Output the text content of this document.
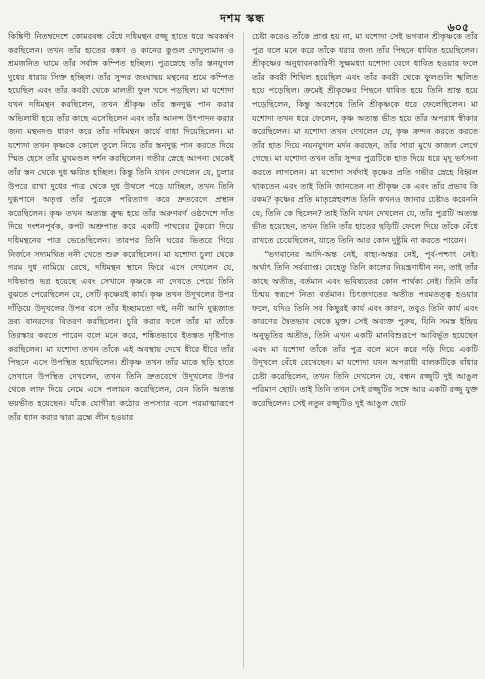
দশম স্কন্ধ
৬০৫

কিঙ্কিণী নিতম্বদেশে কোমরবন্ধ বেঁধে দধিমন্থন রজ্জু হাতে ধরে অবকর্ষণ করছিলেন। তখন তাঁর হাতের কঙ্কণ ও কানের কুণ্ডল দোদুল্যমান ও শ্রমজনিত ঘামে তাঁর সর্বাঙ্গ কম্পিত হচ্ছিল। পুত্রস্নেহে তাঁর স্তনযুগল দুধের ধারায় সিক্ত হচ্ছিল। তাঁর সুন্দর জংঘাদ্বয় মন্থনের শ্রমে কম্পিত হয়েছিল এবং তাঁর কবরী থেকে মালতী ফুল খসে পড়ছিল। মা যশোদা যখন দধিমন্থন করছিলেন, তখন শ্রীকৃষ্ণ তাঁর স্তনদুগ্ধ পান করার অভিলাষী হয়ে তাঁর কাছে এসেছিলেন এবং তাঁর আনন্দ উৎপাদন করার জন্য মন্থনদণ্ড ধারণ করে তাঁর দধিমন্থন কার্যে বাধা দিয়েছিলেন। মা যশোদা তখন কৃষ্ণকে কোলে তুলে নিয়ে তাঁর স্তনদুগ্ধ পান করতে দিয়ে স্মিত হেসে তাঁর মুখমণ্ডল দর্শন করছিলেন। গতীর স্নেহে আপনা থেকেই তাঁর স্তন থেকে দুধ ক্ষরিত হচ্ছিল। কিন্তু তিনি যখন দেখলেন যে, চুলার উপরে রাখা দুধের পাত্র থেকে দুধ উথলে পড়ে যাচ্ছিল, তখন তিনি দুগ্ধপানে অতৃপ্ত তাঁর পুত্রকে পরিত্যাগ করে দ্রুতবেগে প্রস্থান করেছিলেন। কৃষ্ণ তখন অত্যন্ত ক্রুদ্ধ হয়ে তাঁর অরুণবর্ণ ওষ্ঠদেশে দাঁত দিয়ে দংশনপূর্বক, কপট অশ্রুপাত করে একটি পাথরের টুকরো দিয়ে দধিমন্থনের পাত্র ভেঙেছিলেন। তারপর তিনি ঘরের ভিতরে গিয়ে নির্জনে সদ্যমথিত ননী খেতে শুরু করেছিলেন। মা যশোদা চুলা থেকে গরম দুধ নামিয়ে রেখে, দধিমন্থন স্থানে ফিরে এসে দেখলেন যে, দধিভাণ্ড ভগ্ন হয়েছে এবং সেখানে কৃষ্ণকে না দেখতে পেয়ে তিনি বুঝতে পেরেছিলেন যে, সেটি কৃষ্ণেরই কার্য। কৃষ্ণ তখন উদূখলের উপর দাঁড়িয়ে উদূখলের উপর বসে তাঁর ইচ্ছামতো দই, ননী আদি দুগ্ধজাত দ্রব্য বানরদের বিতরণ করছিলেন। চুরি করার ফলে তাঁর মা তাঁকে তিরস্কার করতে পারেন বলে মনে করে, শঙ্কিতভাবে ইতস্তত দৃষ্টিপাত করছিলেন। মা যশোদা তখন তাঁকে এই অবস্থায় দেখে ধীরে ধীরে তাঁর পিছনে এসে উপস্থিত হয়েছিলেন। শ্রীকৃষ্ণ তখন তাঁর মাকে ছড়ি হাতে সেখানে উপস্থিত দেখলেন, তখন তিনি দ্রুতবেগে উদূখলের উপর থেকে লাফ দিয়ে নেমে এসে পলায়ন করেছিলেন, যেন তিনি অত্যন্ত ভয়ভীত হয়েছেন। যাঁকে যোগীরা কঠোর তপস্যার বলে পরমাত্মারূপে তাঁর ধ্যান করার দ্বারা ব্রহ্মে লীন হওয়ার

চেষ্টা করেও তাঁকে প্রাপ্ত হয় না, মা যশোদা সেই ভগবান শ্রীকৃষ্ণকে তাঁর পুত্র বলে মনে করে তাঁকে ধরার জন্য তাঁর পিছনে ধাবিত হয়েছিলেন। শ্রীকৃষ্ণের অনুধাবনকারিণী সুক্ষমধ্যা যশোদা বেগে ধাবিত হওয়ার ফলে তাঁর কবরী শিথিল হয়েছিল এবং তাঁর কবরী থেকে ফুলগুলি স্খলিত হয়ে পড়েছিল। ক্রমেই শ্রীকৃষ্ণের পিছনে ধাবিত হয়ে তিনি শ্রান্ত হয়ে পড়েছিলেন, কিন্তু অবশেষে তিনি শ্রীকৃষ্ণকে ধরে ফেলেছিলেন। মা যশোদা তখন ধরে ফেলেন, কৃষ্ণ অত্যন্ত ভীত হয়ে তাঁর অপরাধ স্বীকার করেছিলেন। মা যশোদা তখন দেখলেন যে, কৃষ্ণ ক্রন্দন করতে করতে তাঁর হাত দিয়ে নয়নযুগল মর্দন করছেন, তাঁর সারা মুখে কাজল লেগে গেছে। মা যশোদা তখন তাঁর সুন্দর পুত্রটিকে হাত দিয়ে ধরে মৃদু ভর্ৎসনা করতে লাগলেন। মা যশোদা সর্বদাই কৃষ্ণের প্রতি গভীর স্নেহে বিহ্বল থাকতেন এবং তাই তিনি জানতেন না শ্রীকৃষ্ণ কে এবং তাঁর প্রভাব কি রকম? কৃষ্ণের প্রতি মাতৃস্নেহবশত তিনি কখনও জানার চেষ্টাও করেননি যে, তিনি কে ছিলেন? তাই তিনি যখন দেখলেন যে, তাঁর পুত্রটি অত্যন্ত ভীত হয়েছেন, তখন তিনি তাঁর হাতের ছড়িটি ফেলে দিয়ে তাঁকে বেঁধে রাখতে চেয়েছিলেন, যাতে তিনি আর কোন দুষ্টুমি না করতে পারেন।

“ভগবানের আদি-অন্ত নেই, বাহ্য-অন্তর নেই, পূর্ব-পশ্চাৎ নেই। অর্থাৎ তিনি সর্বব্যাপ্ত। যেহেতু তিনি কালের নিয়ন্ত্রণাধীন নন, তাই তাঁর কাছে অতীত, বর্তমান এবং ভবিষ্যতের কোন পার্থক্য নেই। তিনি তাঁর চিন্ময় স্বরূপে নিত্য বর্তমান। চিৎজগতের অতীত পরমতত্ত্ব হওয়ার ফলে, যদিও তিনি সব কিছুরই কার্য এবং কারণ, তবুও তিনি কার্য এবং কারণের দ্বৈতভাব থেকে মুক্ত। সেই অব্যক্ত পুরুষ, যিনি সমস্ত ইন্দ্রিয় অনুভূতির অতীত, তিনি এখন একটি মানবিশুরূপে আবির্ভূত হয়েছেন এবং মা যশোদা তাঁকে তাঁর পুত্র বলে মনে করে দড়ি দিয়ে একটি উদূখলে বেঁধে রেখেছেন। মা যশোদা যখন অপরাধী বালকটিকে বাঁধার চেষ্টা করেছিলেন, তখন তিনি দেখলেন যে, বন্ধন রজ্জুটি দুই আঙুল পরিমাণ ছোট। তাই তিনি তখন সেই রজ্জুটির সঙ্গে আর একটি রজ্জু যুক্ত করেছিলেন। সেই নতুন রজ্জুটিও দুই আঙুল ছোট
